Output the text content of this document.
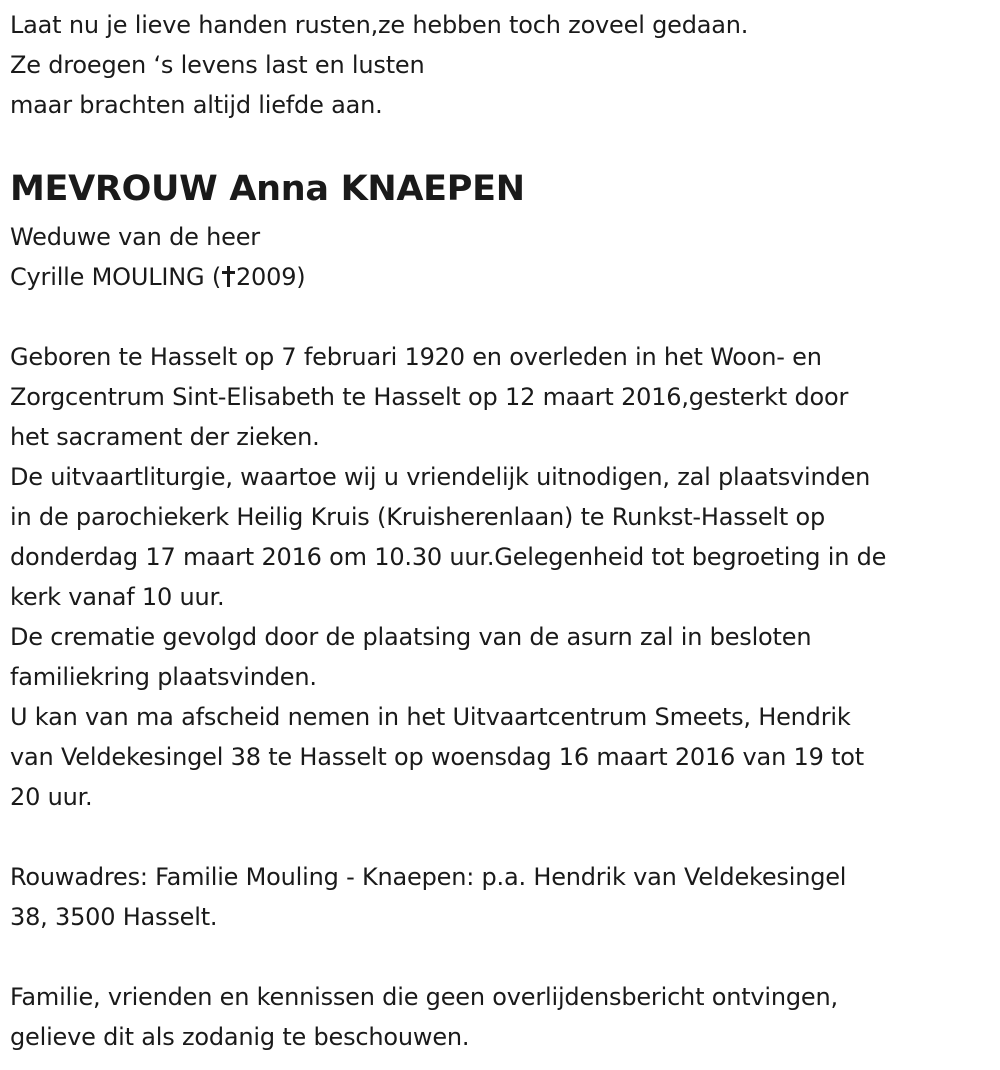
Laat nu je lieve handen rusten,ze hebben toch zoveel gedaan.
Ze droegen ‘s levens last en lusten
maar brachten altijd liefde aan.
MEVROUW Anna KNAEPEN
Weduwe van de heer
Cyrille MOULING ( 2009)
Geboren te Hasselt op 7 februari 1920 en overleden in het Woon- en
Zorgcentrum Sint-Elisabeth te Hasselt op 12 maart 2016,gesterkt door
het sacrament der zieken.
De uitvaartliturgie, waartoe wij u vriendelijk uitnodigen, zal plaatsvinden
in de parochiekerk Heilig Kruis (Kruisherenlaan) te Runkst-Hasselt op
donderdag 17 maart 2016 om 10.30 uur.Gelegenheid tot begroeting in de
kerk vanaf 10 uur.
De crematie gevolgd door de plaatsing van de asurn zal in besloten
familiekring plaatsvinden.
U kan van ma afscheid nemen in het Uitvaartcentrum Smeets, Hendrik
van Veldekesingel 38 te Hasselt op woensdag 16 maart 2016 van 19 tot
20 uur.
Rouwadres: Familie Mouling - Knaepen: p.a. Hendrik van Veldekesingel
38, 3500 Hasselt.
Familie, vrienden en kennissen die geen overlijdensbericht ontvingen,
gelieve dit als zodanig te beschouwen.
